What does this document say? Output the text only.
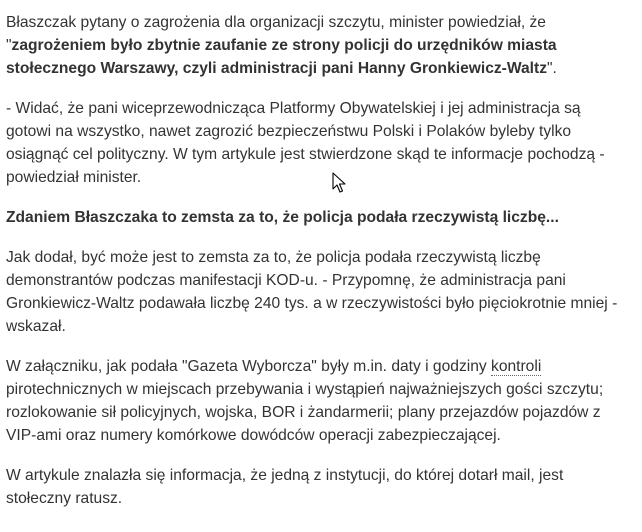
Błaszczak pytany o zagrożenia dla organizacji szczytu, minister powiedział, że "zagrożeniem było zbytnie zaufanie ze strony policji do urzędników miasta stołecznego Warszawy, czyli administracji pani Hanny Gronkiewicz-Waltz".

- Widać, że pani wiceprzewodnicząca Platformy Obywatelskiej i jej administracja są gotowi na wszystko, nawet zagrozić bezpieczeństwu Polski i Polaków byleby tylko osiągnąć cel polityczny. W tym artykule jest stwierdzone skąd te informacje pochodzą - powiedział minister.

Zdaniem Błaszczaka to zemsta za to, że policja podała rzeczywistą liczbę...

Jak dodał, być może jest to zemsta za to, że policja podała rzeczywistą liczbę demonstrantów podczas manifestacji KOD-u. - Przypomnę, że administracja pani Gronkiewicz-Waltz podawała liczbę 240 tys. a w rzeczywistości było pięciokrotnie mniej - wskazał.

W załączniku, jak podała "Gazeta Wyborcza" były m.in. daty i godziny kontroli pirotechnicznych w miejscach przebywania i wystąpień najważniejszych gości szczytu; rozlokowanie sił policyjnych, wojska, BOR i żandarmerii; plany przejazdów pojazdów z VIP-ami oraz numery komórkowe dowódców operacji zabezpieczającej.

W artykule znalazła się informacja, że jedną z instytucji, do której dotarł mail, jest stołeczny ratusz.
